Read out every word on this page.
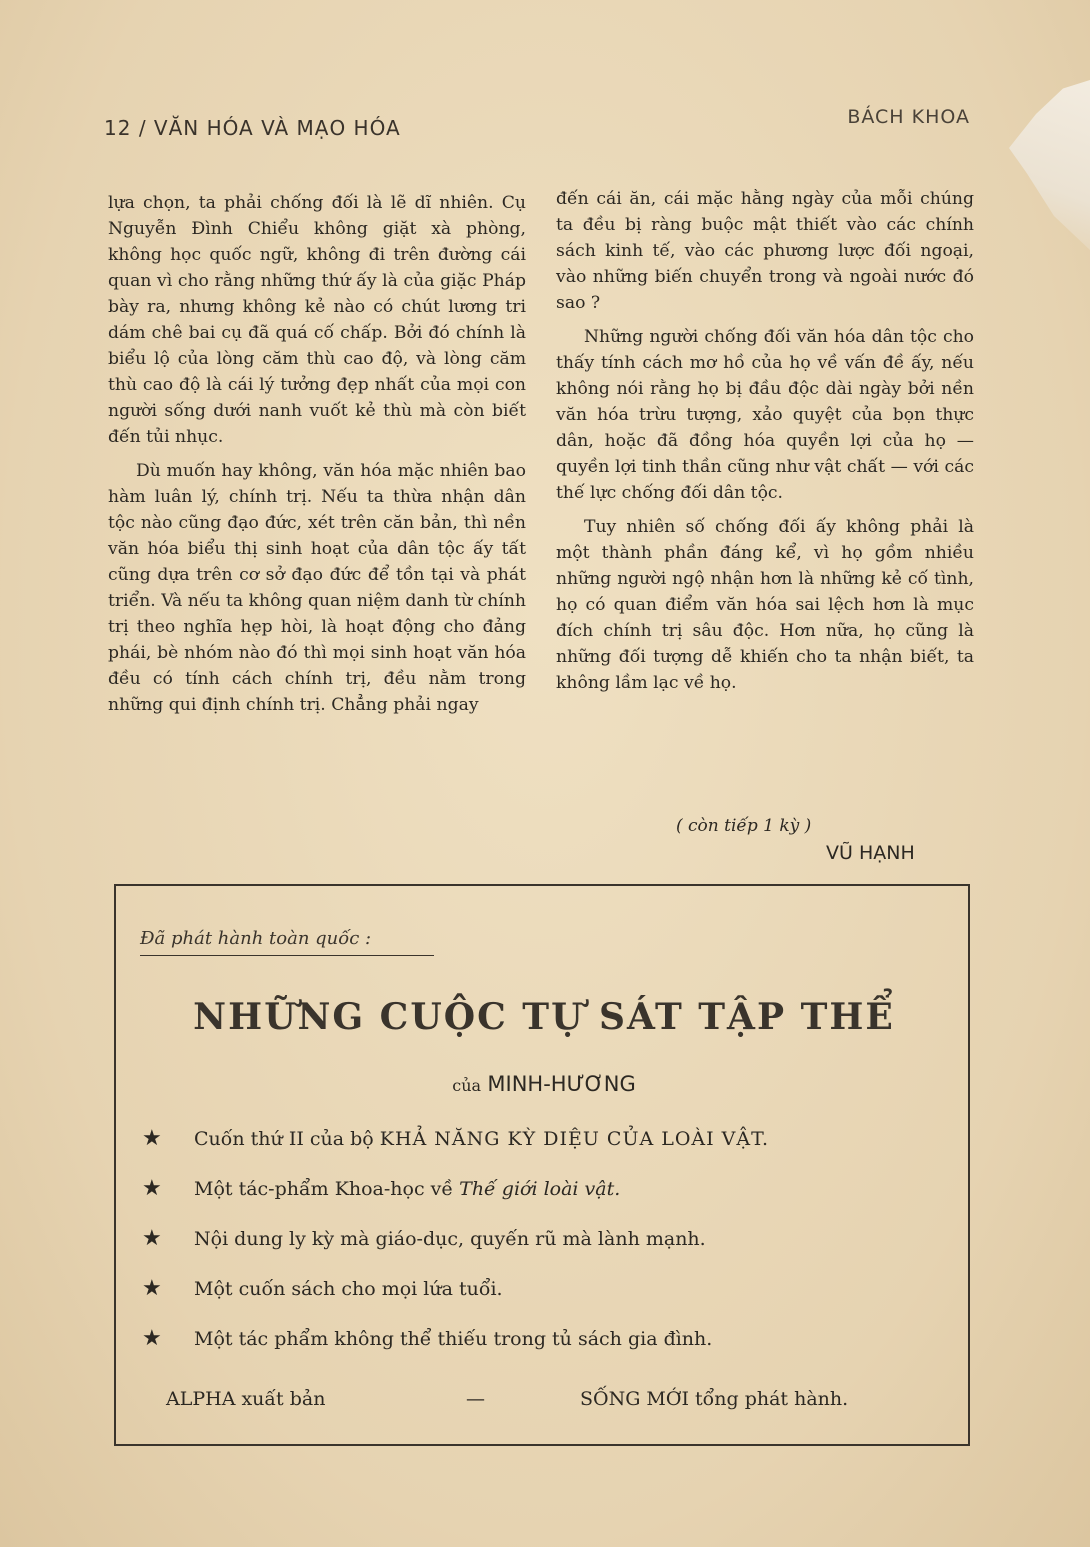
12 / VĂN HÓA VÀ MẠO HÓA	BÁCH KHOA

lựa chọn, ta phải chống đối là lẽ dĩ nhiên. Cụ Nguyễn Đình Chiểu không giặt xà phòng, không học quốc ngữ, không đi trên đường cái quan vì cho rằng những thứ ấy là của giặc Pháp bày ra, nhưng không kẻ nào có chút lương tri dám chê bai cụ đã quá cố chấp. Bởi đó chính là biểu lộ của lòng căm thù cao độ, và lòng căm thù cao độ là cái lý tưởng đẹp nhất của mọi con người sống dưới nanh vuốt kẻ thù mà còn biết đến tủi nhục.

Dù muốn hay không, văn hóa mặc nhiên bao hàm luân lý, chính trị. Nếu ta thừa nhận dân tộc nào cũng đạo đức, xét trên căn bản, thì nền văn hóa biểu thị sinh hoạt của dân tộc ấy tất cũng dựa trên cơ sở đạo đức để tồn tại và phát triển. Và nếu ta không quan niệm danh từ chính trị theo nghĩa hẹp hòi, là hoạt động cho đảng phái, bè nhóm nào đó thì mọi sinh hoạt văn hóa đều có tính cách chính trị, đều nằm trong những qui định chính trị. Chẳng phải ngay

đến cái ăn, cái mặc hằng ngày của mỗi chúng ta đều bị ràng buộc mật thiết vào các chính sách kinh tế, vào các phương lược đối ngoại, vào những biến chuyển trong và ngoài nước đó sao ?

Những người chống đối văn hóa dân tộc cho thấy tính cách mơ hồ của họ về vấn đề ấy, nếu không nói rằng họ bị đầu độc dài ngày bởi nền văn hóa trừu tượng, xảo quyệt của bọn thực dân, hoặc đã đồng hóa quyền lợi của họ — quyền lợi tinh thần cũng như vật chất — với các thế lực chống đối dân tộc.

Tuy nhiên số chống đối ấy không phải là một thành phần đáng kể, vì họ gồm nhiều những người ngộ nhận hơn là những kẻ cố tình, họ có quan điểm văn hóa sai lệch hơn là mục đích chính trị sâu độc. Hơn nữa, họ cũng là những đối tượng dễ khiến cho ta nhận biết, ta không lầm lạc về họ.

( còn tiếp 1 kỳ )
VŨ HẠNH
Đã phát hành toàn quốc :
NHỮNG CUỘC TỰ SÁT TẬP THỂ
của MINH-HƯƠNG
★ Cuốn thứ II của bộ KHẢ NĂNG KỲ DIỆU CỦA LOÀI VẬT.
★ Một tác-phẩm Khoa-học về Thế giới loài vật.
★ Nội dung ly kỳ mà giáo-dục, quyến rũ mà lành mạnh.
★ Một cuốn sách cho mọi lứa tuổi.
★ Một tác phẩm không thể thiếu trong tủ sách gia đình.
ALPHA xuất bản	—	SỐNG MỚI tổng phát hành.
